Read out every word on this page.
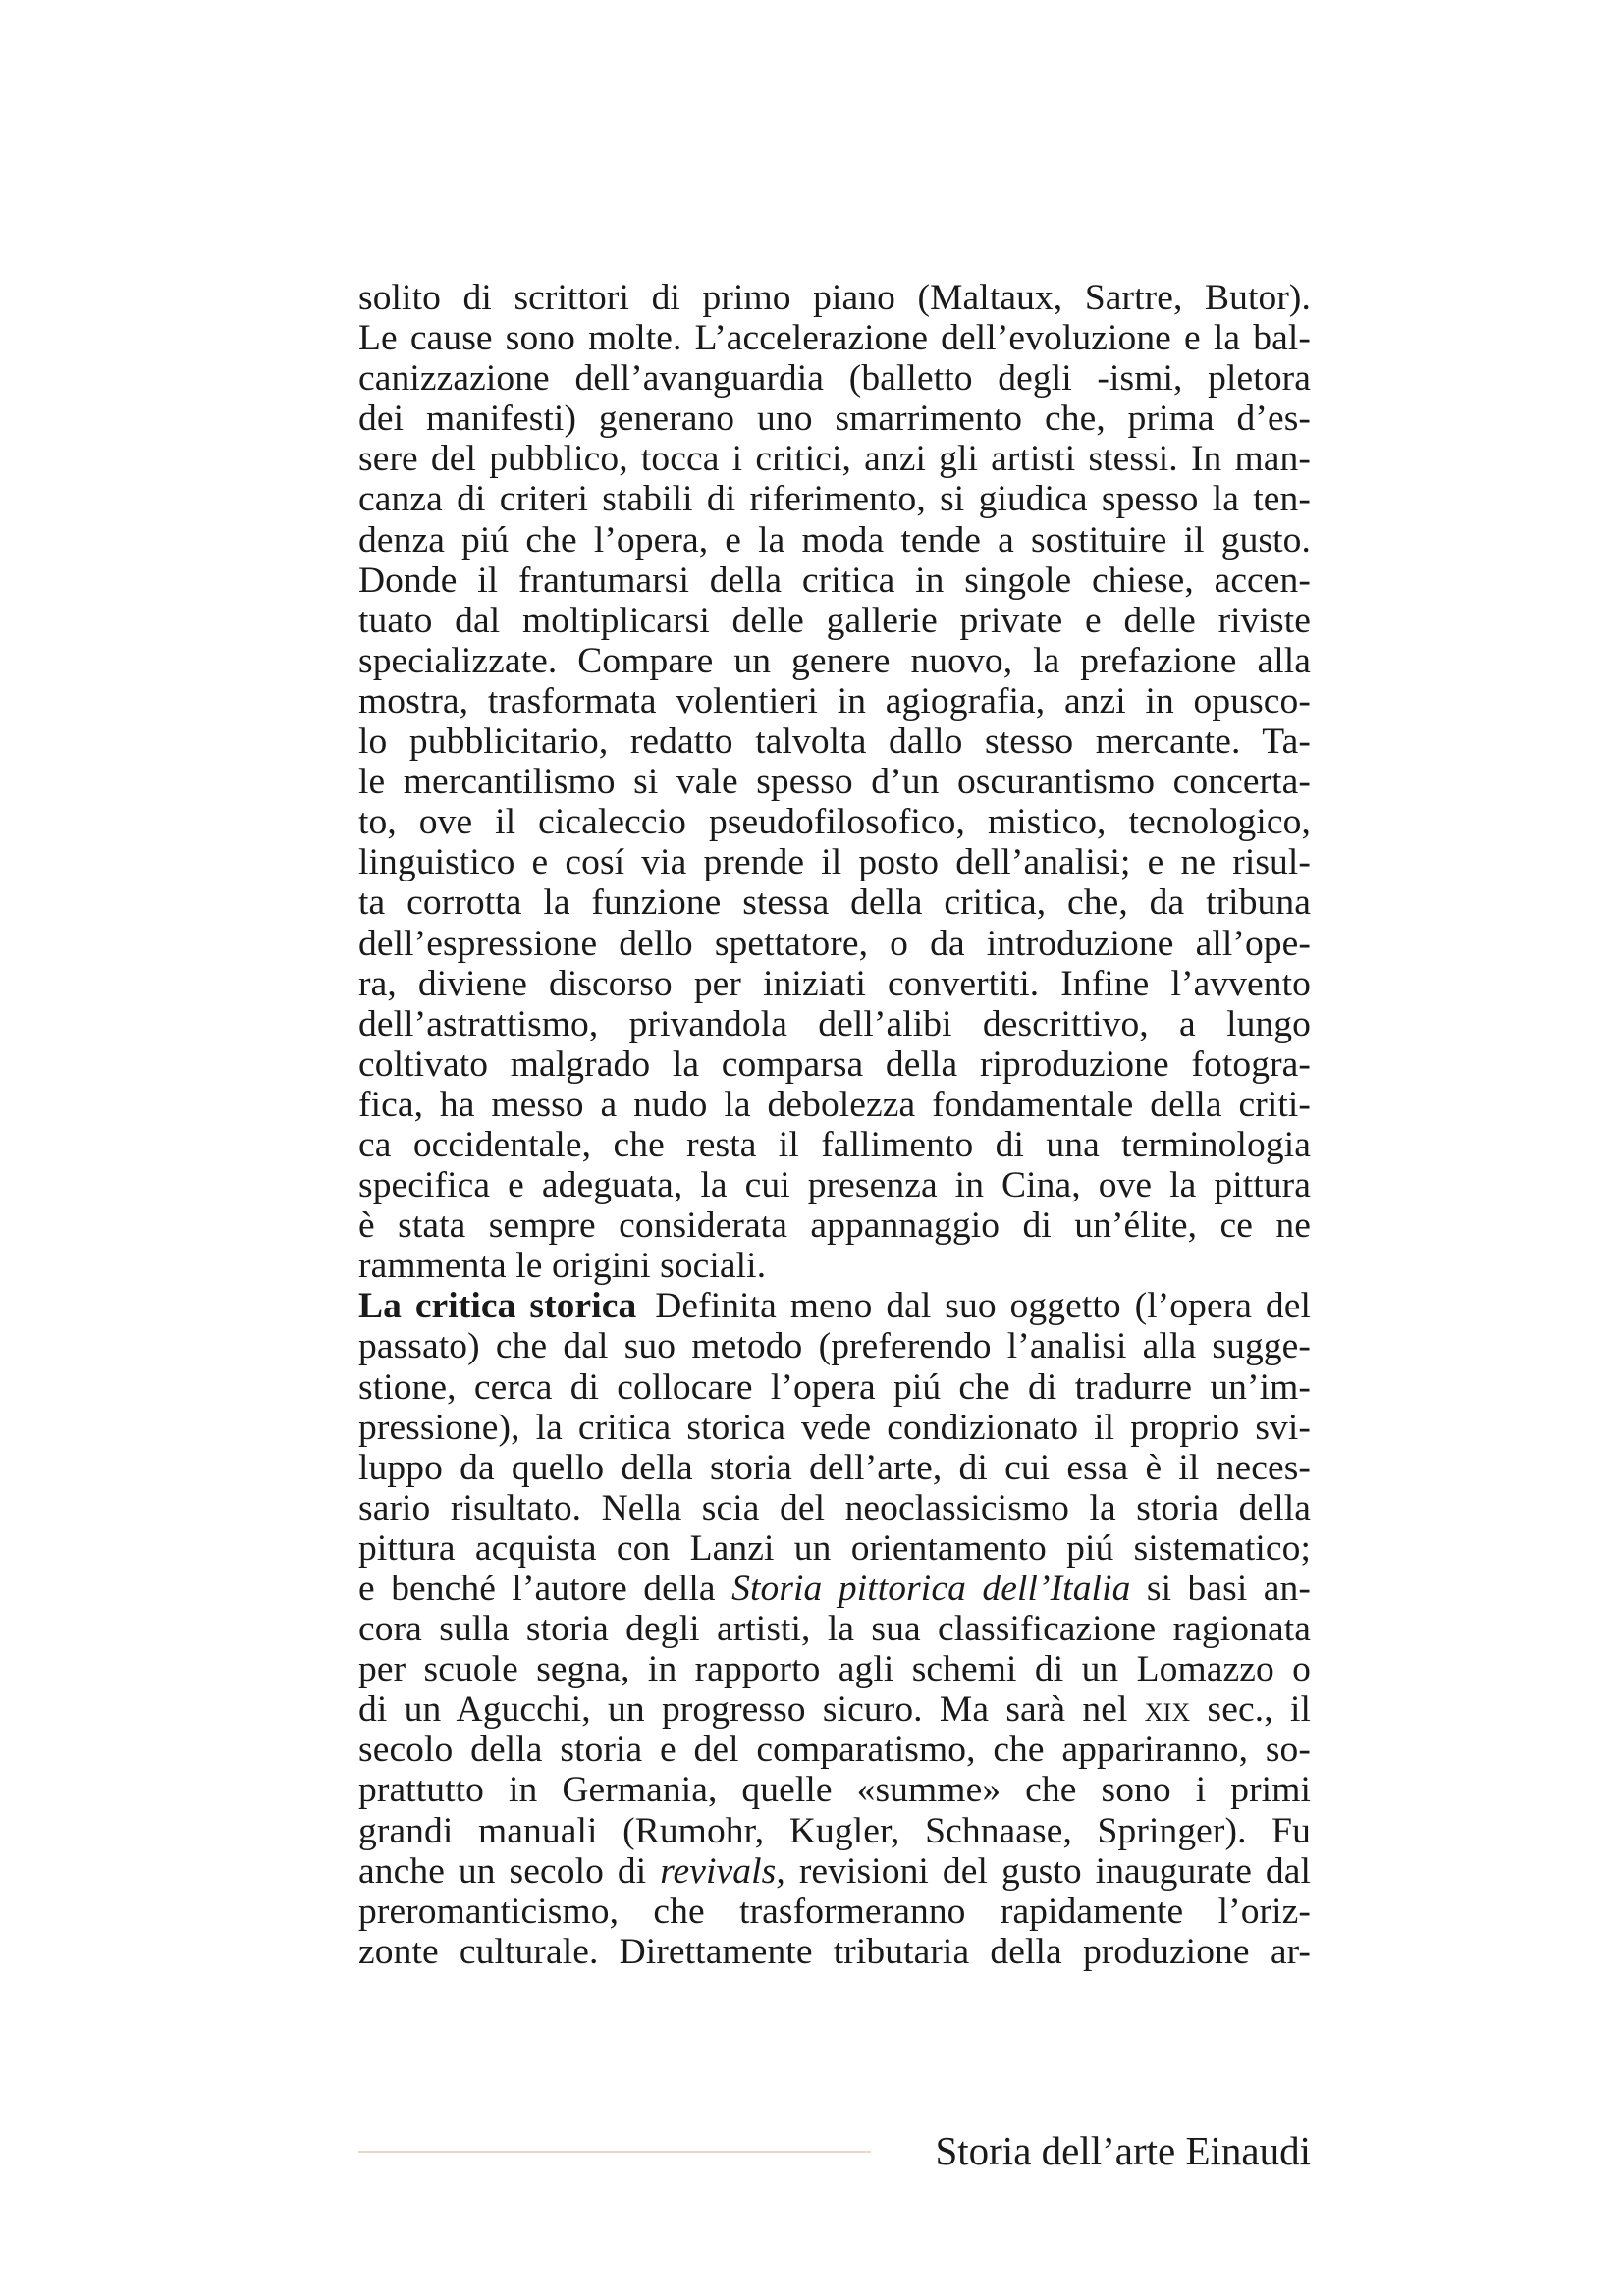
solito di scrittori di primo piano (Maltaux, Sartre, Butor).
Le cause sono molte. L’accelerazione dell’evoluzione e la bal-
canizzazione dell’avanguardia (balletto degli -ismi, pletora
dei manifesti) generano uno smarrimento che, prima d’es-
sere del pubblico, tocca i critici, anzi gli artisti stessi. In man-
canza di criteri stabili di riferimento, si giudica spesso la ten-
denza piú che l’opera, e la moda tende a sostituire il gusto.
Donde il frantumarsi della critica in singole chiese, accen-
tuato dal moltiplicarsi delle gallerie private e delle riviste
specializzate. Compare un genere nuovo, la prefazione alla
mostra, trasformata volentieri in agiografia, anzi in opusco-
lo pubblicitario, redatto talvolta dallo stesso mercante. Ta-
le mercantilismo si vale spesso d’un oscurantismo concerta-
to, ove il cicaleccio pseudofilosofico, mistico, tecnologico,
linguistico e cosí via prende il posto dell’analisi; e ne risul-
ta corrotta la funzione stessa della critica, che, da tribuna
dell’espressione dello spettatore, o da introduzione all’ope-
ra, diviene discorso per iniziati convertiti. Infine l’avvento
dell’astrattismo, privandola dell’alibi descrittivo, a lungo
coltivato malgrado la comparsa della riproduzione fotogra-
fica, ha messo a nudo la debolezza fondamentale della criti-
ca occidentale, che resta il fallimento di una terminologia
specifica e adeguata, la cui presenza in Cina, ove la pittura
è stata sempre considerata appannaggio di un’élite, ce ne
rammenta le origini sociali.
La critica storica  Definita meno dal suo oggetto (l’opera del
passato) che dal suo metodo (preferendo l’analisi alla sugge-
stione, cerca di collocare l’opera piú che di tradurre un’im-
pressione), la critica storica vede condizionato il proprio svi-
luppo da quello della storia dell’arte, di cui essa è il neces-
sario risultato. Nella scia del neoclassicismo la storia della
pittura acquista con Lanzi un orientamento piú sistematico;
e benché l’autore della Storia pittorica dell’Italia si basi an-
cora sulla storia degli artisti, la sua classificazione ragionata
per scuole segna, in rapporto agli schemi di un Lomazzo o
di un Agucchi, un progresso sicuro. Ma sarà nel xix sec., il
secolo della storia e del comparatismo, che appariranno, so-
prattutto in Germania, quelle «summe» che sono i primi
grandi manuali (Rumohr, Kugler, Schnaase, Springer). Fu
anche un secolo di revivals, revisioni del gusto inaugurate dal
preromanticismo, che trasformeranno rapidamente l’oriz-
zonte culturale. Direttamente tributaria della produzione ar-
Storia dell’arte Einaudi
